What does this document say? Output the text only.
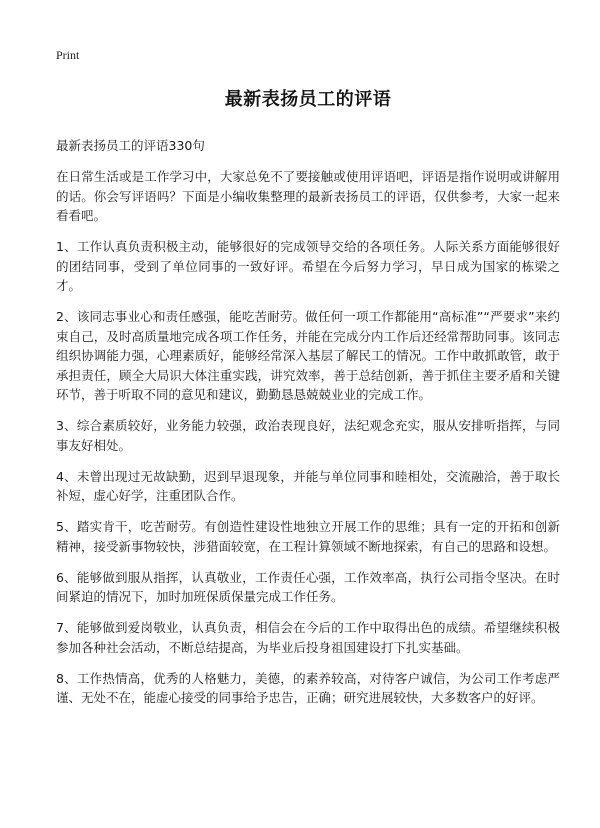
Print
最新表扬员工的评语

最新表扬员工的评语330句

在日常生活或是工作学习中，大家总免不了要接触或使用评语吧，评语是指作说明或讲解用的话。你会写评语吗？下面是小编收集整理的最新表扬员工的评语，仅供参考，大家一起来看看吧。

1、工作认真负责积极主动，能够很好的完成领导交给的各项任务。人际关系方面能够很好的团结同事，受到了单位同事的一致好评。希望在今后努力学习，早日成为国家的栋梁之才。

2、该同志事业心和责任感强，能吃苦耐劳。做任何一项工作都能用“高标准”“严要求”来约束自己，及时高质量地完成各项工作任务，并能在完成分内工作后还经常帮助同事。该同志组织协调能力强，心理素质好，能够经常深入基层了解民工的情况。工作中敢抓敢管，敢于承担责任，顾全大局识大体注重实践，讲究效率，善于总结创新，善于抓住主要矛盾和关键环节，善于听取不同的意见和建议，勤勤恳恳兢兢业业的完成工作。

3、综合素质较好，业务能力较强，政治表现良好，法纪观念充实，服从安排听指挥，与同事友好相处。

4、未曾出现过无故缺勤，迟到早退现象，并能与单位同事和睦相处，交流融洽，善于取长补短，虚心好学，注重团队合作。

5、踏实肯干，吃苦耐劳。有创造性建设性地独立开展工作的思维；具有一定的开拓和创新精神，接受新事物较快，涉猎面较宽，在工程计算领域不断地探索，有自己的思路和设想。

6、能够做到服从指挥，认真敬业，工作责任心强，工作效率高，执行公司指令坚决。在时间紧迫的情况下，加时加班保质保量完成工作任务。

7、能够做到爱岗敬业，认真负责，相信会在今后的工作中取得出色的成绩。希望继续积极参加各种社会活动，不断总结提高，为毕业后投身祖国建设打下扎实基础。

8、工作热情高，优秀的人格魅力，美德，的素养较高，对待客户诚信，为公司工作考虑严谨、无处不在，能虚心接受的同事给予忠告，正确；研究进展较快，大多数客户的好评。
